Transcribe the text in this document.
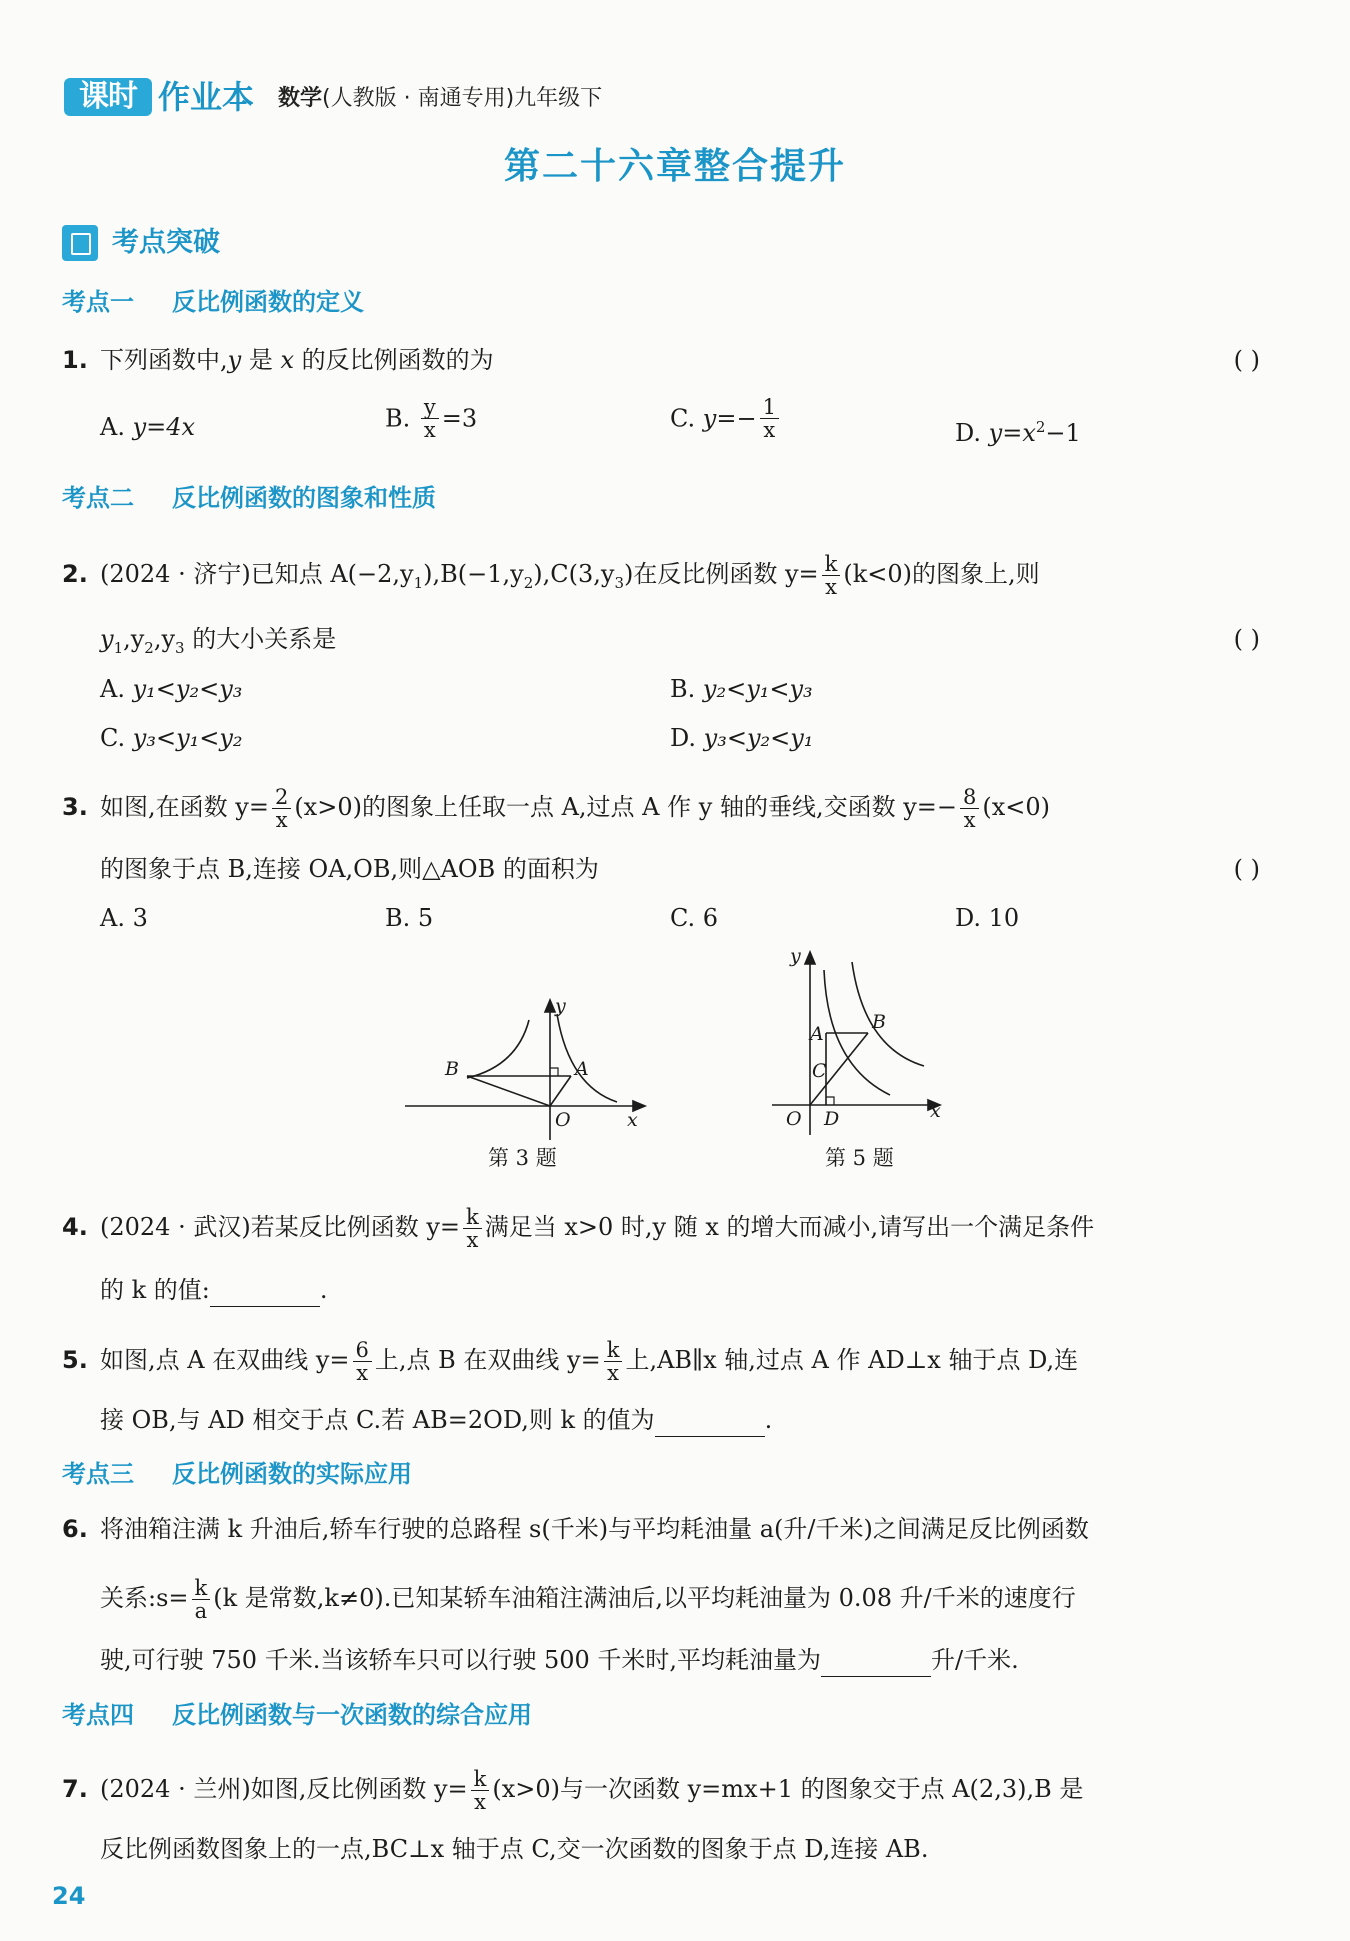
课时 作业本 数学(人教版 · 南通专用)九年级下
第二十六章整合提升
考点突破
考点一 反比例函数的定义
1. 下列函数中,y 是 x 的反比例函数的为	( )
A. y=4x	B. $\frac{y}{x} =3$	C. $y=- \frac{1}{x}$	D. $y=x^2-1$
考点二 反比例函数的图象和性质
2. (2024 · 济宁)已知点 $A(-2,y_1),B(-1,y_2),C(3,y_3)$在反比例函数 $y= \frac{k}{x} (k<0)$的图象上,则
$y_1,y_2,y_3$ 的大小关系是	( )
A. y₁<y₂<y₃	B. y₂<y₁<y₃
C. y₃<y₁<y₂	D. y₃<y₂<y₁
3. 如图,在函数 $y= \frac{2}{x} (x>0)$的图象上任取一点 A,过点 A 作 y 轴的垂线,交函数 $y=- \frac{8}{x} (x<0)$
的图象于点 B,连接 OA,OB,则△AOB 的面积为	( )
A. 3	B. 5	C. 6	D. 10
y
x
O
A
B
第 3 题
y
x
O
A
B
C
D
第 5 题
4. (2024 · 武汉)若某反比例函数 $y= \frac{k}{x}$ 满足当 x>0 时,y 随 x 的增大而减小,请写出一个满足条件
的 k 的值:	.
5. 如图,点 A 在双曲线 $y= \frac{6}{x}$ 上,点 B 在双曲线 $y= \frac{k}{x}$ 上,AB∥x 轴,过点 A 作 AD⊥x 轴于点 D,连
接 OB,与 AD 相交于点 C.若 AB=2OD,则 k 的值为	.
考点三 反比例函数的实际应用
6. 将油箱注满 k 升油后,轿车行驶的总路程 s(千米)与平均耗油量 a(升/千米)之间满足反比例函数
关系:s= $\frac{k}{a} (k$ 是常数,k≠0).已知某轿车油箱注满油后,以平均耗油量为 0.08 升/千米的速度行
驶,可行驶 750 千米.当该轿车只可以行驶 500 千米时,平均耗油量为	升/千米.
考点四 反比例函数与一次函数的综合应用
7. (2024 · 兰州)如图,反比例函数 $y= \frac{k}{x} (x>0)$与一次函数 y=mx+1 的图象交于点 A(2,3),B 是
反比例函数图象上的一点,BC⊥x 轴于点 C,交一次函数的图象于点 D,连接 AB.
24
